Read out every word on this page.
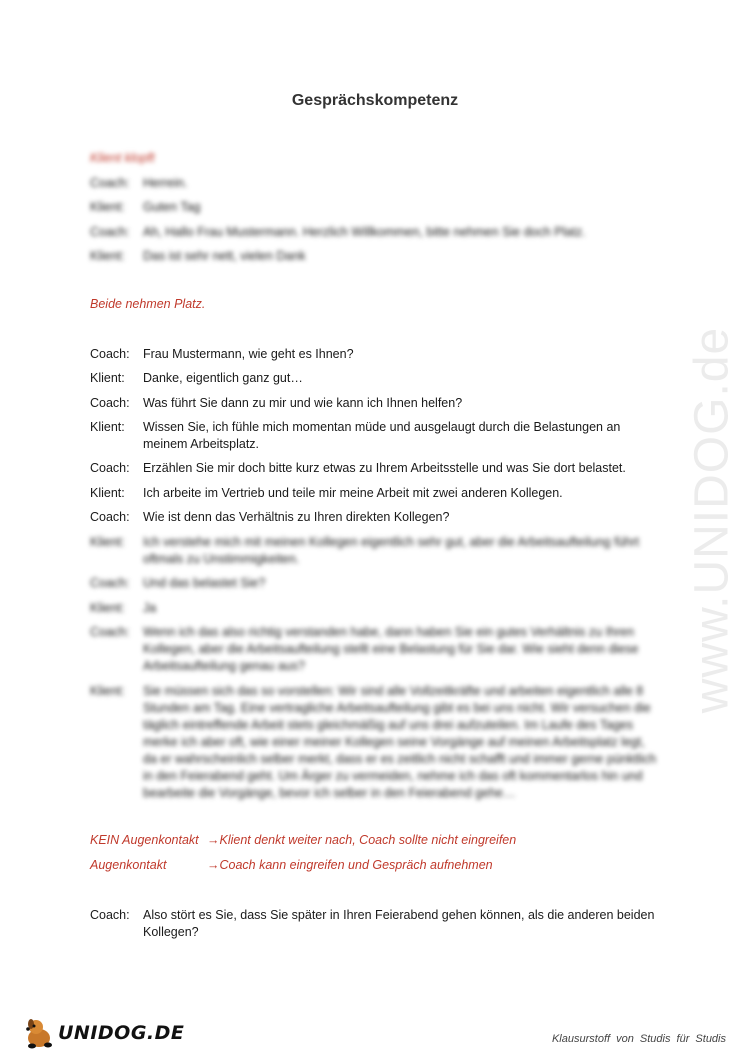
www.UNIDOG.de
Gesprächskompetenz
Klient klopft
Coach: Herrein.
Klient: Guten Tag
Coach: Ah, Hallo Frau Mustermann. Herzlich Willkommen, bitte nehmen Sie doch Platz.
Klient: Das ist sehr nett, vielen Dank
Beide nehmen Platz.
Coach: Frau Mustermann, wie geht es Ihnen?
Klient: Danke, eigentlich ganz gut…
Coach: Was führt Sie dann zu mir und wie kann ich Ihnen helfen?
Klient: Wissen Sie, ich fühle mich momentan müde und ausgelaugt durch die Belastungen an meinem Arbeitsplatz.
Coach: Erzählen Sie mir doch bitte kurz etwas zu Ihrem Arbeitsstelle und was Sie dort belastet.
Klient: Ich arbeite im Vertrieb und teile mir meine Arbeit mit zwei anderen Kollegen.
Coach: Wie ist denn das Verhältnis zu Ihren direkten Kollegen?
Klient: Ich verstehe mich mit meinen Kollegen eigentlich sehr gut, aber die Arbeitsaufteilung führt oftmals zu Unstimmigkeiten.
Coach: Und das belastet Sie?
Klient: Ja
Coach: Wenn ich das also richtig verstanden habe, dann haben Sie ein gutes Verhältnis zu Ihren Kollegen, aber die Arbeitsaufteilung stellt eine Belastung für Sie dar. Wie sieht denn diese Arbeitsaufteilung genau aus?
Klient: Sie müssen sich das so vorstellen: Wir sind alle Vollzeitkräfte und arbeiten eigentlich alle 8 Stunden am Tag. Eine vertragliche Arbeitsaufteilung gibt es bei uns nicht. Wir versuchen die täglich eintreffende Arbeit stets gleichmäßig auf uns drei aufzuteilen. Im Laufe des Tages merke ich aber oft, wie einer meiner Kollegen seine Vorgänge auf meinen Arbeitsplatz legt, da er wahrscheinlich selber merkt, dass er es zeitlich nicht schafft und immer gerne pünktlich in den Feierabend geht. Um Ärger zu vermeiden, nehme ich das oft kommentarlos hin und bearbeite die Vorgänge, bevor ich selber in den Feierabend gehe…
KEIN Augenkontakt →Klient denkt weiter nach, Coach sollte nicht eingreifen
Augenkontakt	→Coach kann eingreifen und Gespräch aufnehmen
Coach: Also stört es Sie, dass Sie später in Ihren Feierabend gehen können, als die anderen beiden Kollegen?
UNIDOG.DE	Klausurstoff von Studis für Studis
